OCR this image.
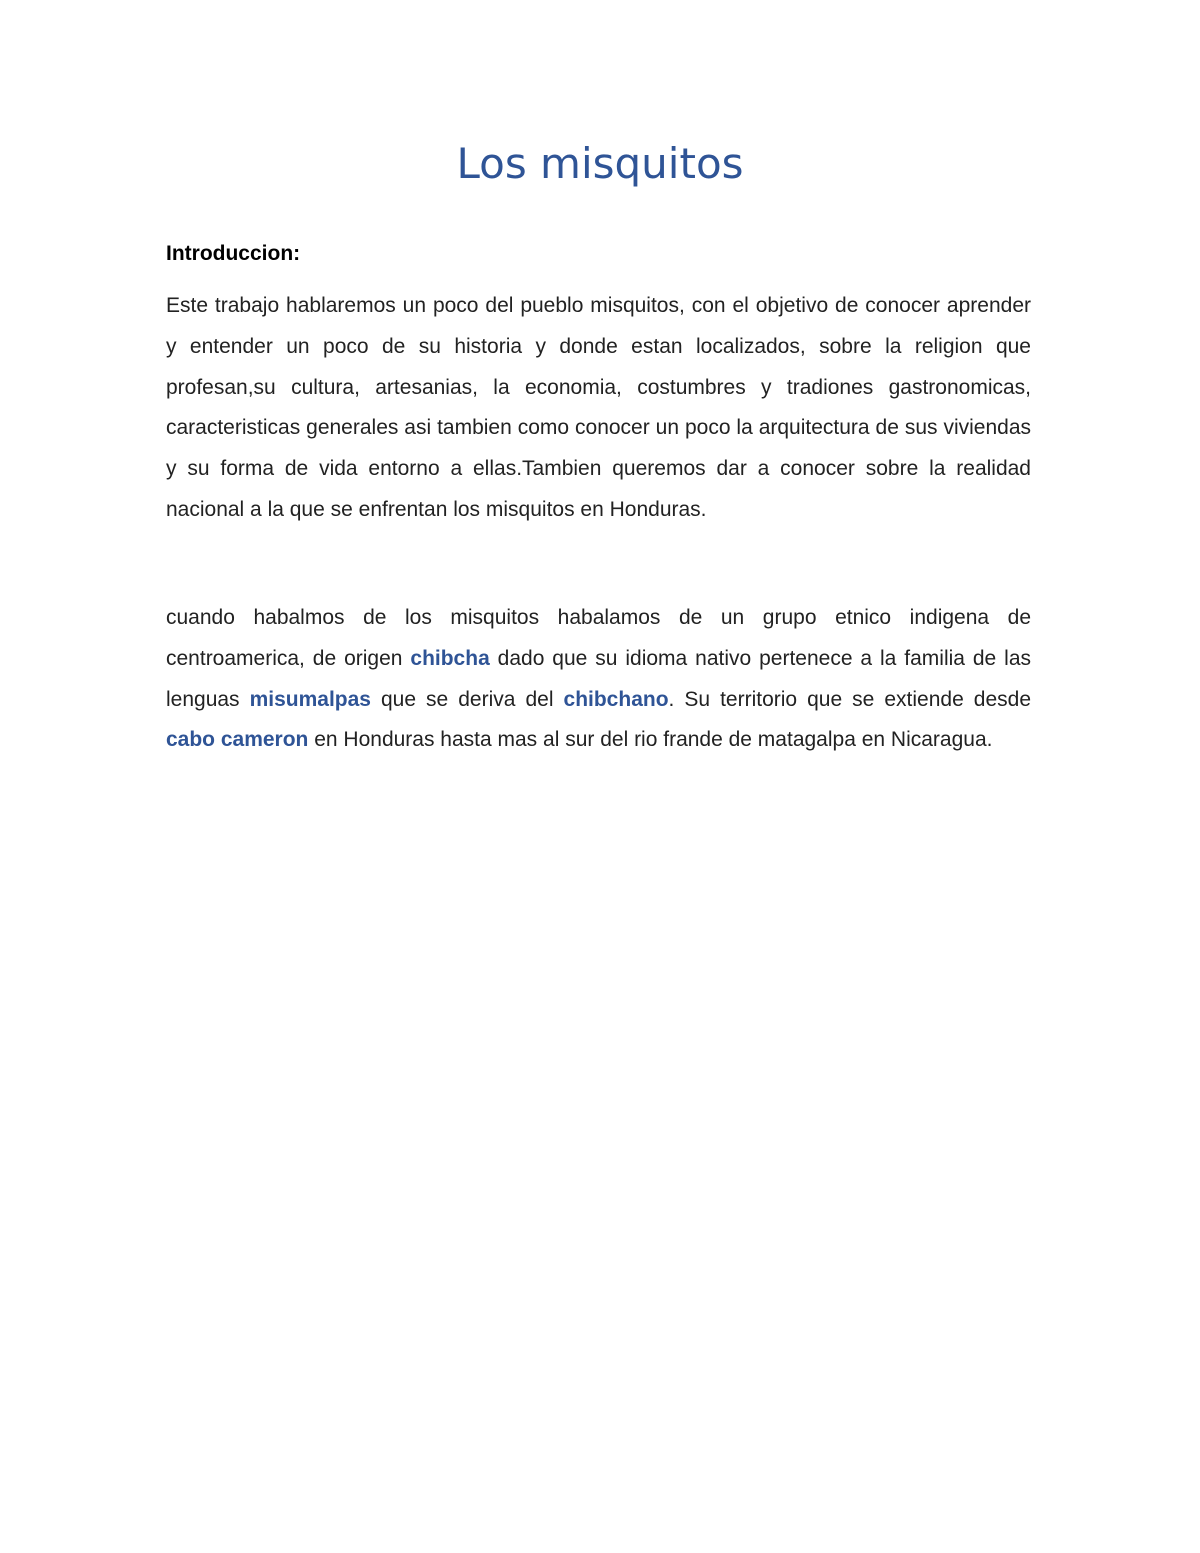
Los misquitos
Introduccion:

Este trabajo hablaremos un poco del pueblo misquitos, con el objetivo de conocer aprender y entender un poco de su historia y donde estan localizados, sobre la religion que profesan,su cultura, artesanias, la economia, costumbres y tradiones gastronomicas, caracteristicas generales asi tambien como conocer un poco la arquitectura de sus viviendas y su forma de vida entorno a ellas.Tambien queremos dar a conocer sobre la realidad nacional a la que se enfrentan los misquitos en Honduras.

cuando habalmos de los misquitos habalamos de un grupo etnico indigena de centroamerica, de origen chibcha dado que su idioma nativo pertenece a la familia de las lenguas misumalpas que se deriva del chibchano. Su territorio que se extiende desde cabo cameron en Honduras hasta mas al sur del rio frande de matagalpa en Nicaragua.
